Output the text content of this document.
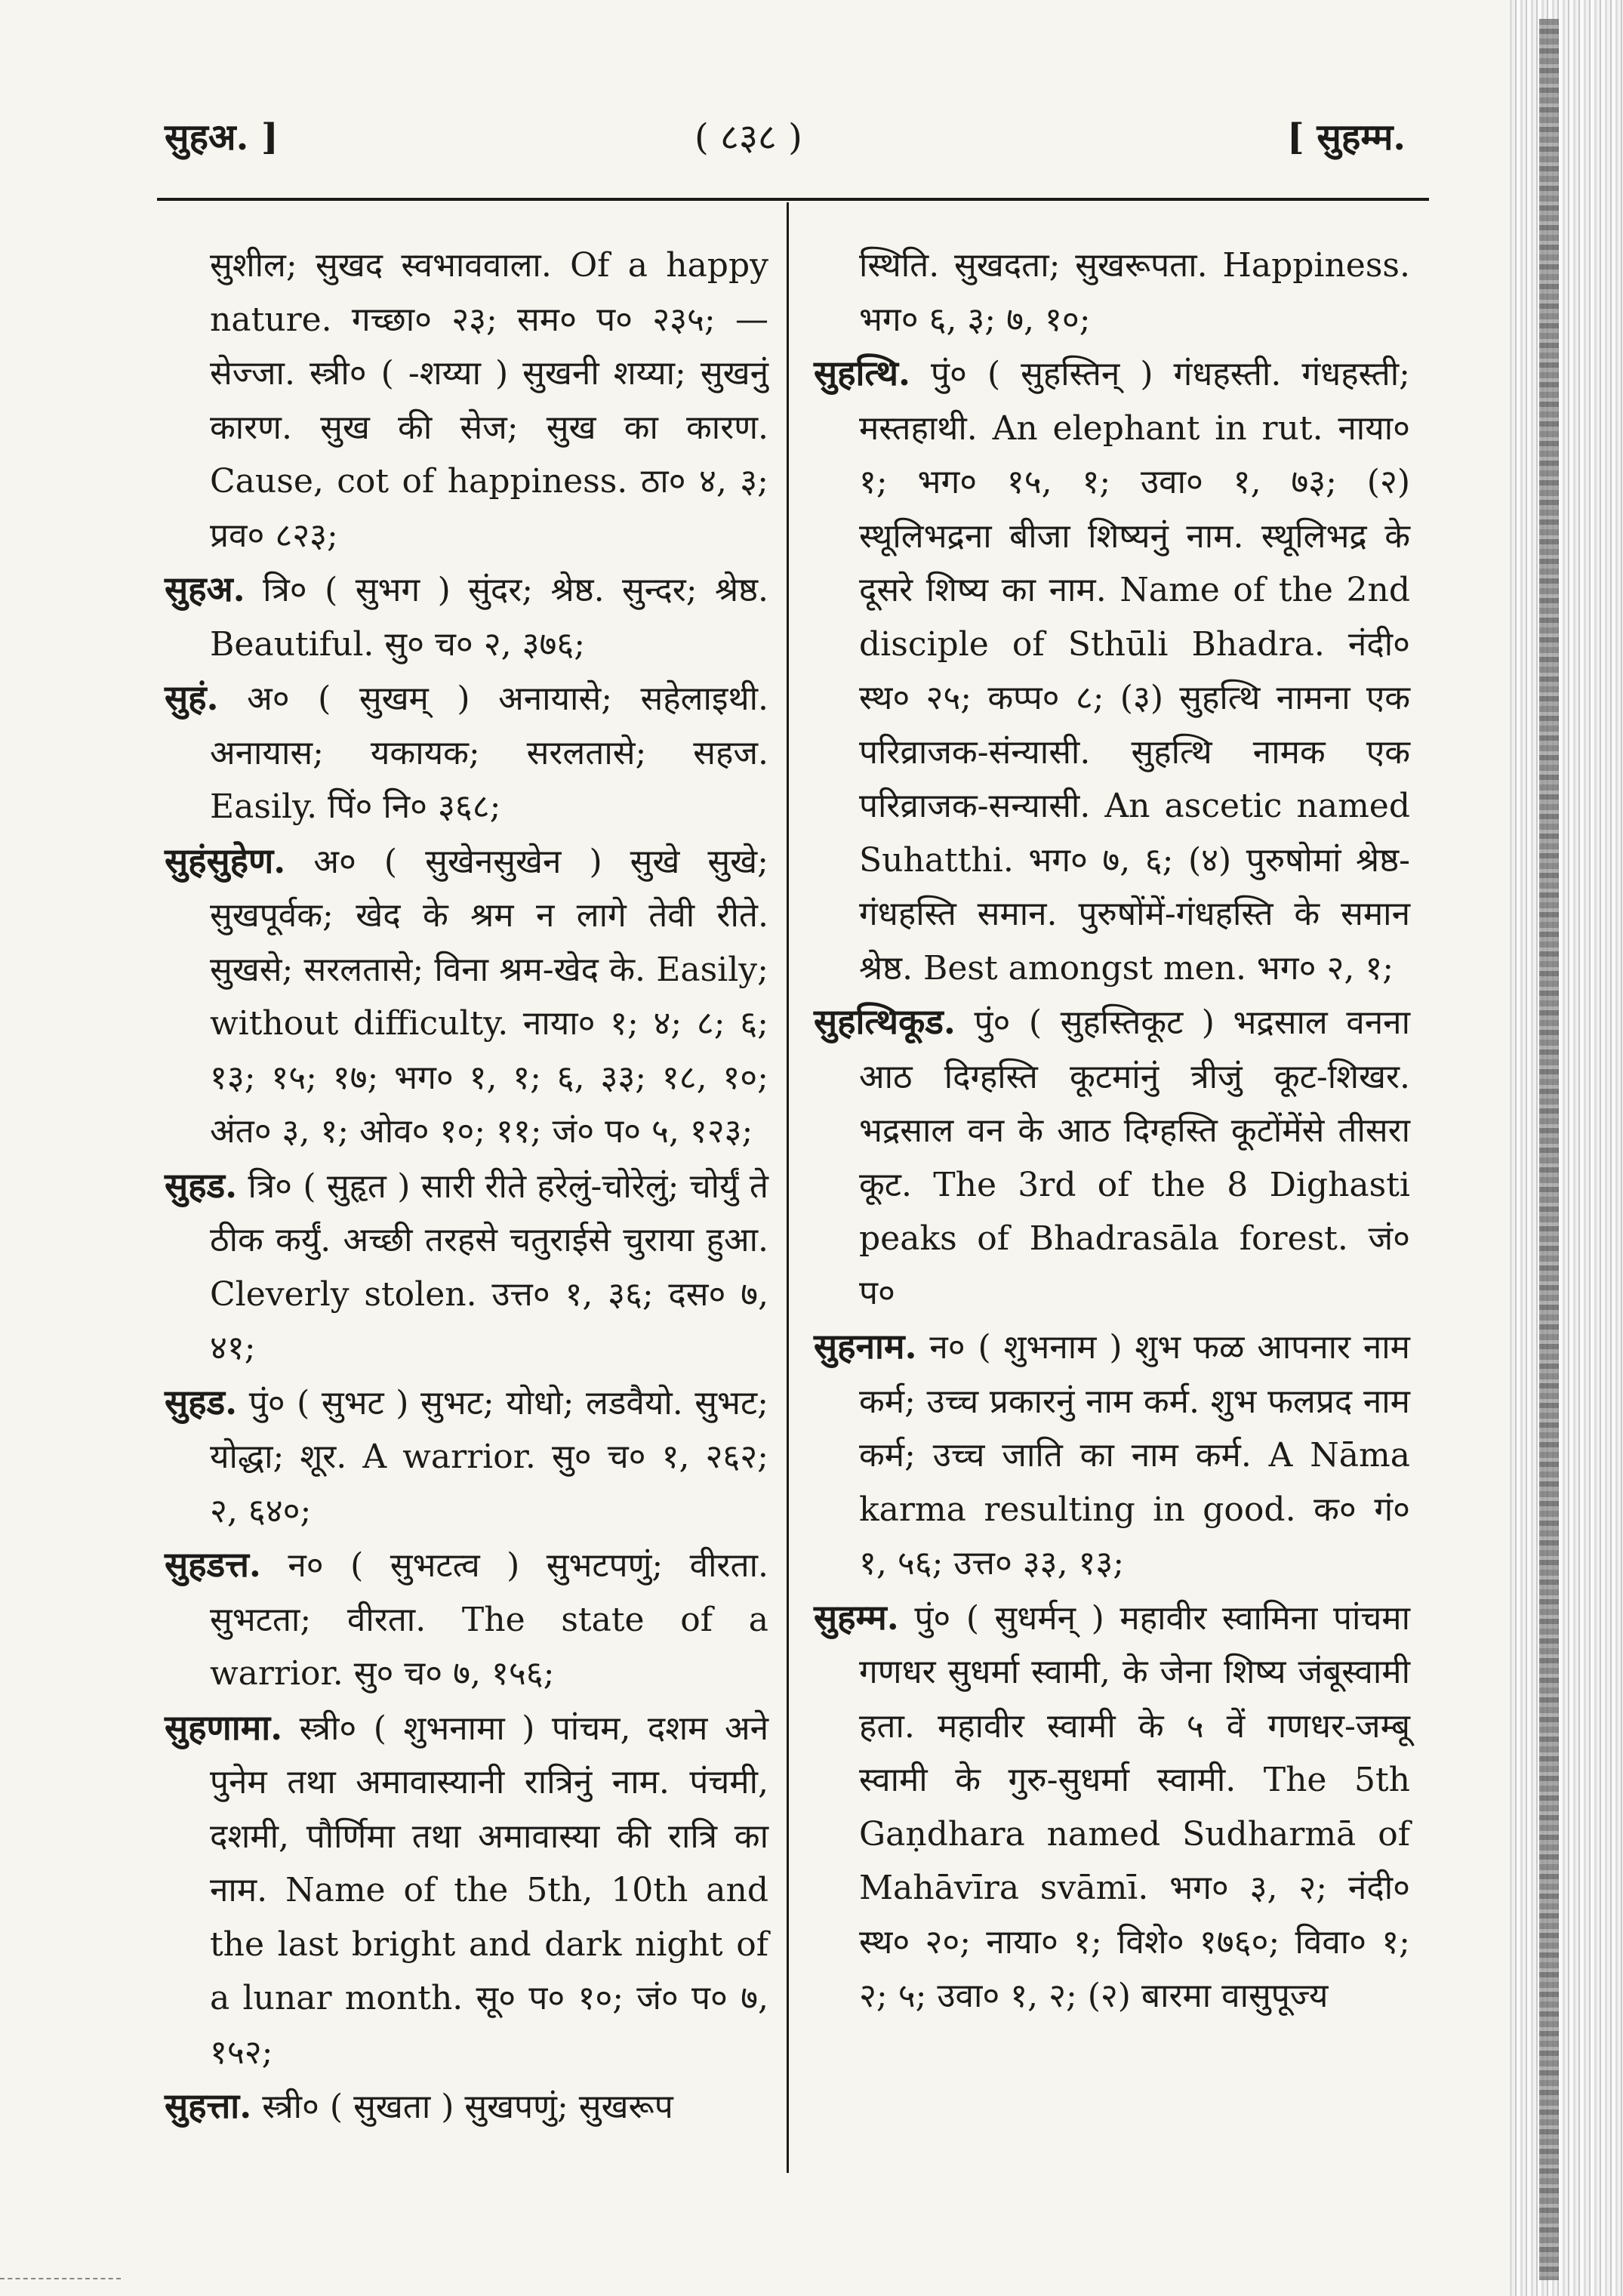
सुहअ. ]	( ८३८ )	[ सुहम्म.

सुशील; सुखद स्वभाववाला. Of a happy nature. गच्छा० २३; सम० प० २३५; —सेज्जा. स्त्री० ( -शय्या ) सुखनी शय्या; सुखनुं कारण. सुख की सेज; सुख का कारण. Cause, cot of happiness. ठा० ४, ३; प्रव० ८२३;

सुहअ. त्रि० ( सुभग ) सुंदर; श्रेष्ठ. सुन्दर; श्रेष्ठ. Beautiful. सु० च० २, ३७६;

सुहं. अ० ( सुखम् ) अनायासे; सहेलाइथी. अनायास; यकायक; सरलतासे; सहज. Easily. पिं० नि० ३६८;

सुहंसुहेण. अ० ( सुखेनसुखेन ) सुखे सुखे; सुखपूर्वक; खेद के श्रम न लागे तेवी रीते. सुखसे; सरलतासे; विना श्रम-खेद के. Easily; without difficulty. नाया० १; ४; ८; ६; १३; १५; १७; भग० १, १; ६, ३३; १८, १०; अंत० ३, १; ओव० १०; ११; जं० प० ५, १२३;

सुहड. त्रि० ( सुहृत ) सारी रीते हरेलुं-चोरेलुं; चोर्युं ते ठीक कर्युं. अच्छी तरहसे चतुराईसे चुराया हुआ. Cleverly stolen. उत्त० १, ३६; दस० ७, ४१;

सुहड. पुं० ( सुभट ) सुभट; योधो; लडवैयो. सुभट; योद्धा; शूर. A warrior. सु० च० १, २६२; २, ६४०;

सुहडत्त. न० ( सुभटत्व ) सुभटपणुं; वीरता. सुभटता; वीरता. The state of a warrior. सु० च० ७, १५६;

सुहणामा. स्त्री० ( शुभनामा ) पांचम, दशम अने पुनेम तथा अमावास्यानी रात्रिनुं नाम. पंचमी, दशमी, पौर्णिमा तथा अमावास्या की रात्रि का नाम. Name of the 5th, 10th and the last bright and dark night of a lunar month. सू० प० १०; जं० प० ७, १५२;

सुहत्ता. स्त्री० ( सुखता ) सुखपणुं; सुखरूप

स्थिति. सुखदता; सुखरूपता. Happiness. भग० ६, ३; ७, १०;

सुहत्थि. पुं० ( सुहस्तिन् ) गंधहस्ती. गंधहस्ती; मस्तहाथी. An elephant in rut. नाया० १; भग० १५, १; उवा० १, ७३; (२) स्थूलिभद्रना बीजा शिष्यनुं नाम. स्थूलिभद्र के दूसरे शिष्य का नाम. Name of the 2nd disciple of Sthūli Bhadra. नंदी० स्थ० २५; कप्प० ८; (३) सुहत्थि नामना एक परिव्राजक-संन्यासी. सुहत्थि नामक एक परिव्राजक-सन्यासी. An ascetic named Suhatthi. भग० ७, ६; (४) पुरुषोमां श्रेष्ठ-गंधहस्ति समान. पुरुषोंमें-गंधहस्ति के समान श्रेष्ठ. Best amongst men. भग० २, १;

सुहत्थिकूड. पुं० ( सुहस्तिकूट ) भद्रसाल वनना आठ दिग्हस्ति कूटमांनुं त्रीजुं कूट-शिखर. भद्रसाल वन के आठ दिग्हस्ति कूटोंमेंसे तीसरा कूट. The 3rd of the 8 Dighasti peaks of Bhadrasāla forest. जं० प०

सुहनाम. न० ( शुभनाम ) शुभ फळ आपनार नाम कर्म; उच्च प्रकारनुं नाम कर्म. शुभ फलप्रद नाम कर्म; उच्च जाति का नाम कर्म. A Nāma karma resulting in good. क० गं० १, ५६; उत्त० ३३, १३;

सुहम्म. पुं० ( सुधर्मन् ) महावीर स्वामिना पांचमा गणधर सुधर्मा स्वामी, के जेना शिष्य जंबूस्वामी हता. महावीर स्वामी के ५ वें गणधर-जम्बू स्वामी के गुरु-सुधर्मा स्वामी. The 5th Gaṇdhara named Sudharmā of Mahāvīra svāmī. भग० ३, २; नंदी० स्थ० २०; नाया० १; विशे० १७६०; विवा० १; २; ५; उवा० १, २; (२) बारमा वासुपूज्य
